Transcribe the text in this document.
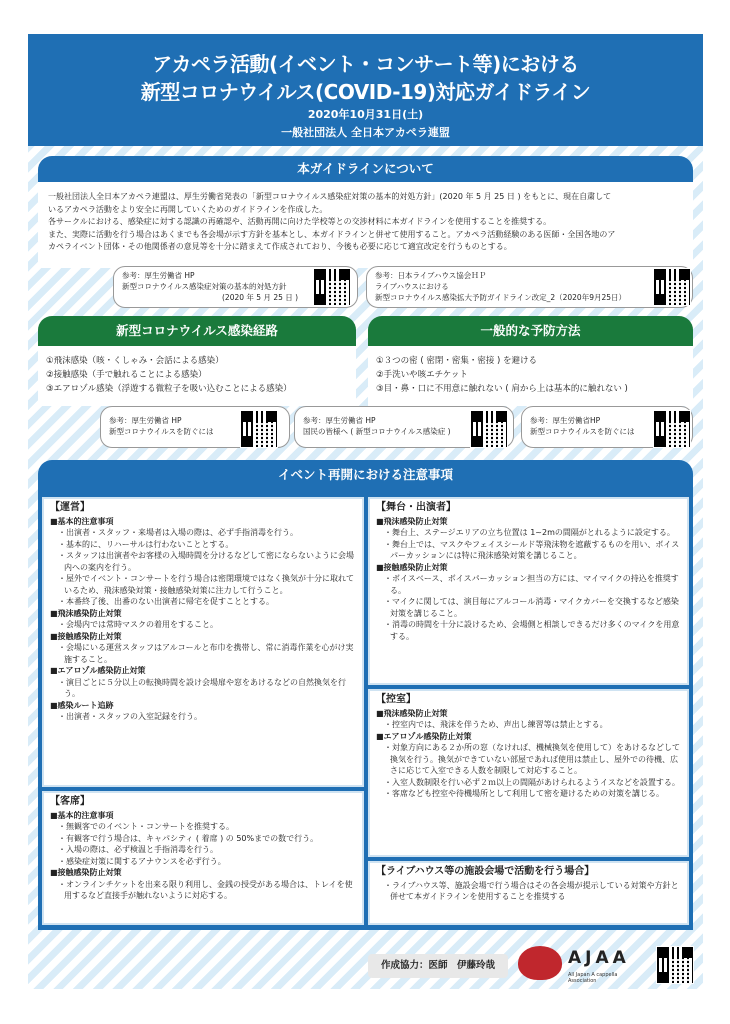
アカペラ活動(イベント・コンサート等)における
新型コロナウイルス(COVID-19)対応ガイドライン
2020年10月31日(土)
一般社団法人 全日本アカペラ連盟
本ガイドラインについて

一般社団法人全日本アカペラ連盟は、厚生労働省発表の「新型コロナウイルス感染症対策の基本的対処方針」(2020 年 5 月 25 日 ) をもとに、現在自粛して

いるアカペラ活動をより安全に再開していくためのガイドラインを作成した。

各サークルにおける、感染症に対する認識の再確認や、活動再開に向けた学校等との交渉材料に本ガイドラインを使用することを推奨する。

また、実際に活動を行う場合はあくまでも各会場が示す方針を基本とし、本ガイドラインと併せて使用すること。アカペラ活動経験のある医師・全国各地のア

カペライベント団体・その他関係者の意見等を十分に踏まえて作成されており、今後も必要に応じて適宜改定を行うものとする。

参考：厚生労働省 HP
新型コロナウイルス感染症対策の基本的対処方針
(2020 年 5 月 25 日 )
参考：日本ライブハウス協会ＨＰ
ライブハウスにおける
新型コロナウイルス感染拡大予防ガイドライン改定_2（2020年9月25日）
新型コロナウイルス感染経路

①飛沫感染（咳・くしゃみ・会話による感染）

②接触感染（手で触れることによる感染）

③エアロゾル感染（浮遊する微粒子を吸い込むことによる感染）

参考：厚生労働省 HP
新型コロナウイルスを防ぐには
一般的な予防方法

①３つの密 ( 密閉・密集・密接 ) を避ける

②手洗いや咳エチケット

③目・鼻・口に不用意に触れない ( 肩から上は基本的に触れない )

参考：厚生労働省 HP
国民の皆様へ ( 新型コロナウイルス感染症 )
参考：厚生労働省HP
新型コロナウイルスを防ぐには
イベント再開における注意事項
【運営】
■基本的注意事項
・出演者・スタッフ・来場者は入場の際は、必ず手指消毒を行う。
・基本的に、リハーサルは行わないこととする。
・スタッフは出演者やお客様の入場時間を分けるなどして密にならないように会場内への案内を行う。
・屋外でイベント・コンサートを行う場合は密閉環境ではなく換気が十分に取れているため、飛沫感染対策・接触感染対策に注力して行うこと。
・本番終了後、出番のない出演者に帰宅を促すこととする。
■飛沫感染防止対策
・会場内では常時マスクの着用をすること。
■接触感染防止対策
・会場にいる運営スタッフはアルコールと布巾を携帯し、常に消毒作業を心がけ実施すること。
■エアロゾル感染防止対策
・演目ごとに５分以上の転換時間を設け会場扉や窓をあけるなどの自然換気を行う。
■感染ルート追跡
・出演者・スタッフの入室記録を行う。
【客席】
■基本的注意事項
・無観客でのイベント・コンサートを推奨する。
・有観客で行う場合は、キャパシティ ( 着席 ) の 50%までの数で行う。
・入場の際は、必ず検温と手指消毒を行う。
・感染症対策に関するアナウンスを必ず行う。
■接触感染防止対策
・オンラインチケットを出来る限り利用し、金銭の授受がある場合は、トレイを使用するなど直接手が触れないように対応する。
【舞台・出演者】
■飛沫感染防止対策
・舞台上、ステージエリアの立ち位置は 1~2mの間隔がとれるように設定する。
・舞台上では、マスクやフェイスシールド等飛沫物を遮蔽するものを用い、ボイスパーカッションには特に飛沫感染対策を講じること。
■接触感染防止対策
・ボイスベース、ボイスパーカッション担当の方には、マイマイクの持込を推奨する。
・マイクに関しては、演目毎にアルコール消毒・マイクカバーを交換するなど感染対策を講じること。
・消毒の時間を十分に設けるため、会場側と相談しできるだけ多くのマイクを用意する。
【控室】
■飛沫感染防止対策
・控室内では、飛沫を伴うため、声出し練習等は禁止とする。
■エアロゾル感染防止対策
・対象方向にある２か所の窓（なければ、機械換気を使用して）をあけるなどして換気を行う。換気ができていない部屋であれば使用は禁止し、屋外での待機、広さに応じて入室できる人数を制限して対応すること。
・入室人数制限を行い必ず２ｍ以上の間隔があけられるようイスなどを設置する。
・客席なども控室や待機場所として利用して密を避けるための対策を講じる。
【ライブハウス等の施設会場で活動を行う場合】
・ライブハウス等、施設会場で行う場合はその各会場が提示している対策や方針と併せて本ガイドラインを使用することを推奨する
作成協力：医師　伊藤玲哉	AJAA
All Japan A cappella Association
